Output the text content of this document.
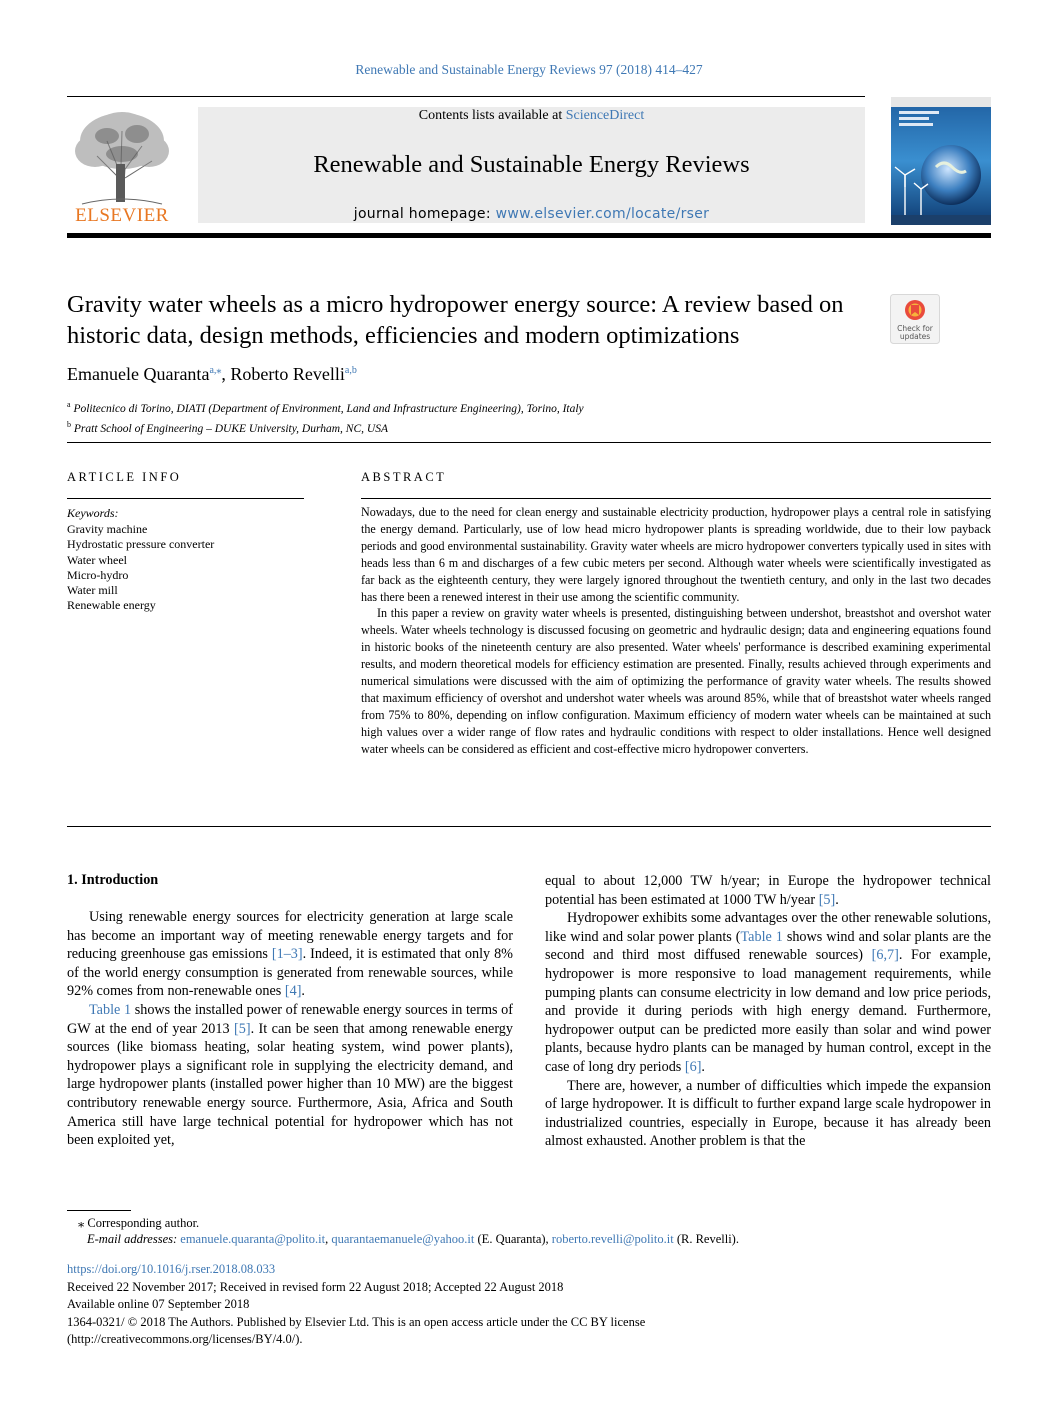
Renewable and Sustainable Energy Reviews 97 (2018) 414–427
ELSEVIER
Contents lists available at ScienceDirect
Renewable and Sustainable Energy Reviews
journal homepage: www.elsevier.com/locate/rser
Gravity water wheels as a micro hydropower energy source: A review based on historic data, design methods, efficiencies and modern optimizations	Check for
updates
Emanuele Quaranta$^{a,⁎}$, Roberto Revelli$^{a,b}$
$^a$ Politecnico di Torino, DIATI (Department of Environment, Land and Infrastructure Engineering), Torino, Italy
$^b$ Pratt School of Engineering – DUKE University, Durham, NC, USA
ARTICLE INFO
Keywords:
Gravity machine
Hydrostatic pressure converter
Water wheel
Micro-hydro
Water mill
Renewable energy
ABSTRACT

Nowadays, due to the need for clean energy and sustainable electricity production, hydropower plays a central role in satisfying the energy demand. Particularly, use of low head micro hydropower plants is spreading worldwide, due to their low payback periods and good environmental sustainability. Gravity water wheels are micro hydropower converters typically used in sites with heads less than 6 m and discharges of a few cubic meters per second. Although water wheels were scientifically investigated as far back as the eighteenth century, they were largely ignored throughout the twentieth century, and only in the last two decades has there been a renewed interest in their use among the scientific community.

In this paper a review on gravity water wheels is presented, distinguishing between undershot, breastshot and overshot water wheels. Water wheels technology is discussed focusing on geometric and hydraulic design; data and engineering equations found in historic books of the nineteenth century are also presented. Water wheels' performance is described examining experimental results, and modern theoretical models for efficiency estimation are presented. Finally, results achieved through experiments and numerical simulations were discussed with the aim of optimizing the performance of gravity water wheels. The results showed that maximum efficiency of overshot and undershot water wheels was around 85%, while that of breastshot water wheels ranged from 75% to 80%, depending on inflow configuration. Maximum efficiency of modern water wheels can be maintained at such high values over a wider range of flow rates and hydraulic conditions with respect to older installations. Hence well designed water wheels can be considered as efficient and cost-effective micro hydropower converters.

1. Introduction

Using renewable energy sources for electricity generation at large scale has become an important way of meeting renewable energy targets and for reducing greenhouse gas emissions [1–3]. Indeed, it is estimated that only 8% of the world energy consumption is generated from renewable sources, while 92% comes from non-renewable ones [4].

Table 1 shows the installed power of renewable energy sources in terms of GW at the end of year 2013 [5]. It can be seen that among renewable energy sources (like biomass heating, solar heating system, wind power plants), hydropower plays a significant role in supplying the electricity demand, and large hydropower plants (installed power higher than 10 MW) are the biggest contributory renewable energy source. Furthermore, Asia, Africa and South America still have large technical potential for hydropower which has not been exploited yet,

equal to about 12,000 TW h/year; in Europe the hydropower technical potential has been estimated at 1000 TW h/year [5].

Hydropower exhibits some advantages over the other renewable solutions, like wind and solar power plants (Table 1 shows wind and solar plants are the second and third most diffused renewable sources) [6,7]. For example, hydropower is more responsive to load management requirements, while pumping plants can consume electricity in low demand and low price periods, and provide it during periods with high energy demand. Furthermore, hydropower output can be predicted more easily than solar and wind power plants, because hydro plants can be managed by human control, except in the case of long dry periods [6].

There are, however, a number of difficulties which impede the expansion of large hydropower. It is difficult to further expand large scale hydropower in industrialized countries, especially in Europe, because it has already been almost exhausted. Another problem is that the

⁎ Corresponding author.
E-mail addresses: emanuele.quaranta@polito.it, quarantaemanuele@yahoo.it (E. Quaranta), roberto.revelli@polito.it (R. Revelli).
https://doi.org/10.1016/j.rser.2018.08.033
Received 22 November 2017; Received in revised form 22 August 2018; Accepted 22 August 2018
Available online 07 September 2018
1364-0321/ © 2018 The Authors. Published by Elsevier Ltd. This is an open access article under the CC BY license
(http://creativecommons.org/licenses/BY/4.0/).
